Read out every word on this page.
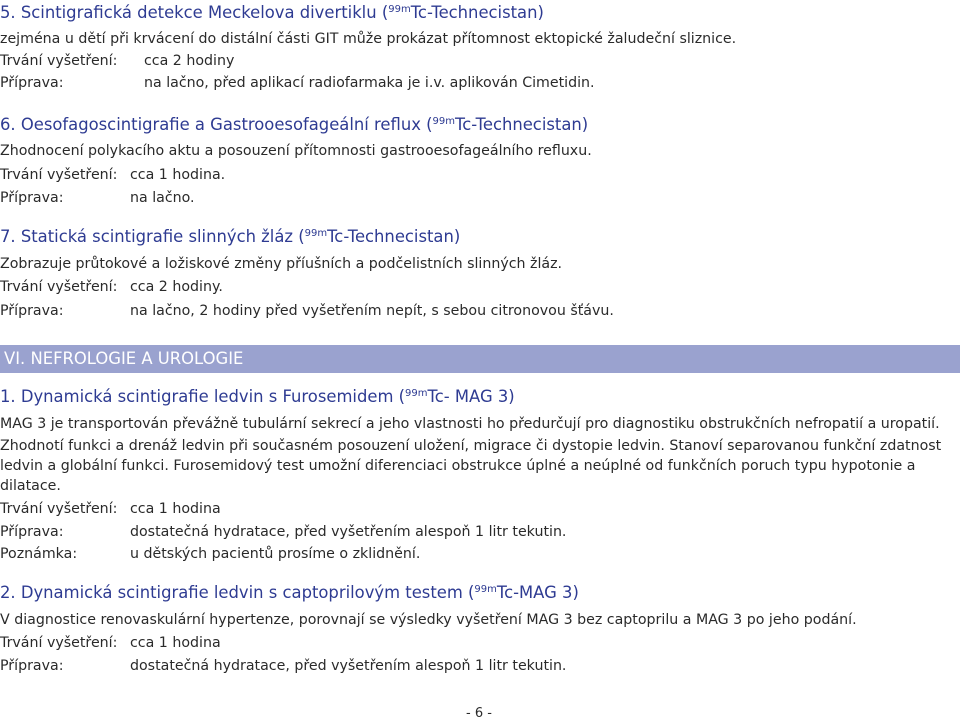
5. Scintigrafická detekce Meckelova divertiklu ($^{99m}$Tc-Technecistan)
zejména u dětí při krvácení do distální části GIT může prokázat přítomnost ektopické žaludeční sliznice.
Trvání vyšetření: cca 2 hodiny
Příprava:	na lačno, před aplikací radiofarmaka je i.v. aplikován Cimetidin.
6. Oesofagoscintigrafie a Gastrooesofageální reflux ($^{99m}$Tc-Technecistan)
Zhodnocení polykacího aktu a posouzení přítomnosti gastrooesofageálního refluxu.
Trvání vyšetření: cca 1 hodina.
Příprava:	na lačno.
7. Statická scintigrafie slinných žláz ($^{99m}$Tc-Technecistan)
Zobrazuje průtokové a ložiskové změny příušních a podčelistních slinných žláz.
Trvání vyšetření: cca 2 hodiny.
Příprava:	na lačno, 2 hodiny před vyšetřením nepít, s sebou citronovou šťávu.
VI. NEFROLOGIE A UROLOGIE
1. Dynamická scintigrafie ledvin s Furosemidem ($^{99m}$Tc- MAG 3)
MAG 3 je transportován převážně tubulární sekrecí a jeho vlastnosti ho předurčují pro diagnostiku obstrukčních nefropatií a uropatií.
Zhodnotí funkci a drenáž ledvin při současném posouzení uložení, migrace či dystopie ledvin. Stanoví separovanou funkční zdatnost
ledvin a globální funkci. Furosemidový test umožní diferenciaci obstrukce úplné a neúplné od funkčních poruch typu hypotonie a
dilatace.
Trvání vyšetření: cca 1 hodina
Příprava:	dostatečná hydratace, před vyšetřením alespoň 1 litr tekutin.
Poznámka:	u dětských pacientů prosíme o zklidnění.
2. Dynamická scintigrafie ledvin s captoprilovým testem ($^{99m}$Tc-MAG 3)
V diagnostice renovaskulární hypertenze, porovnají se výsledky vyšetření MAG 3 bez captoprilu a MAG 3 po jeho podání.
Trvání vyšetření: cca 1 hodina
Příprava:	dostatečná hydratace, před vyšetřením alespoň 1 litr tekutin.
- 6 -
